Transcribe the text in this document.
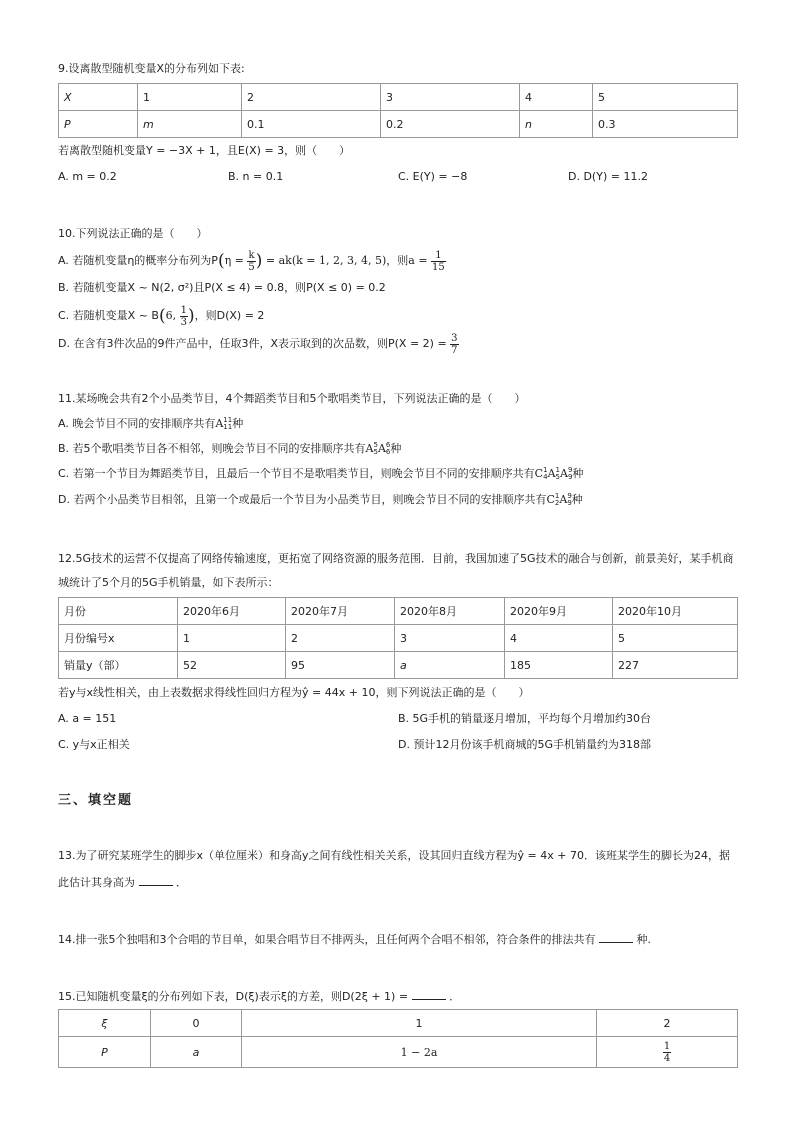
9.设离散型随机变量X的分布列如下表:
X	1	2	3	4	5
P	m	0.1	0.2	n	0.3
若离散型随机变量Y = −3X + 1，且E(X) = 3，则（　　）
A. m = 0.2	B. n = 0.1	C. E(Y) = −8	D. D(Y) = 11.2
10.下列说法正确的是（　　）
A. 若随机变量η的概率分布列为$P(\eta = \frac{k}{5}$ ) = ak(k = 1, 2, 3, 4, 5)，则$a = \frac{1}{15}$
B. 若随机变量X ~ N(2, σ²)且P(X ≤ 4) = 0.8，则P(X ≤ 0) = 0.2
C. 若随机变量X ~ B(6, $\frac{1}{3}$ )，则D(X) = 2
D. 在含有3件次品的9件产品中，任取3件，X表示取到的次品数，则$P(X = 2) = \frac{3}{7}$
11.某场晚会共有2个小品类节目，4个舞蹈类节目和5个歌唱类节目，下列说法正确的是（　　）
A. 晚会节目不同的安排顺序共有A 11
11 种
B. 若5个歌唱类节目各不相邻，则晚会节目不同的安排顺序共有A 5
5 A 6
6 种
C. 若第一个节目为舞蹈类节目，且最后一个节目不是歌唱类节目，则晚会节目不同的安排顺序共有C 1
4 A 1
5 A 9
9 种
D. 若两个小品类节目相邻，且第一个或最后一个节目为小品类节目，则晚会节目不同的安排顺序共有C 1
2 A 9
9 种
12.5G技术的运营不仅提高了网络传输速度，更拓宽了网络资源的服务范围．目前，我国加速了5G技术的融合与创新，前景美好，某手机商
城统计了5个月的5G手机销量，如下表所示：
月份	2020年6月	2020年7月	2020年8月	2020年9月	2020年10月
月份编号x	1	2	3	4	5
销量y（部）	52	95	a	185	227
若y与x线性相关，由上表数据求得线性回归方程为ŷ = 44x + 10，则下列说法正确的是（　　）
A. a = 151	B. 5G手机的销量逐月增加，平均每个月增加约30台
C. y与x正相关	D. 预计12月份该手机商城的5G手机销量约为318部
三、填空题
13.为了研究某班学生的脚步x（单位厘米）和身高y之间有线性相关关系，设其回归直线方程为ŷ = 4x + 70．该班某学生的脚长为24，据
此估计其身高为	．
14.排一张5个独唱和3个合唱的节目单，如果合唱节目不排两头，且任何两个合唱不相邻，符合条件的排法共有	种.
15.已知随机变量ξ的分布列如下表，D(ξ)表示ξ的方差，则D(2ξ + 1) =	．
ξ	0	1	2
P	a	1 − 2a	$\frac{1}{4}$
